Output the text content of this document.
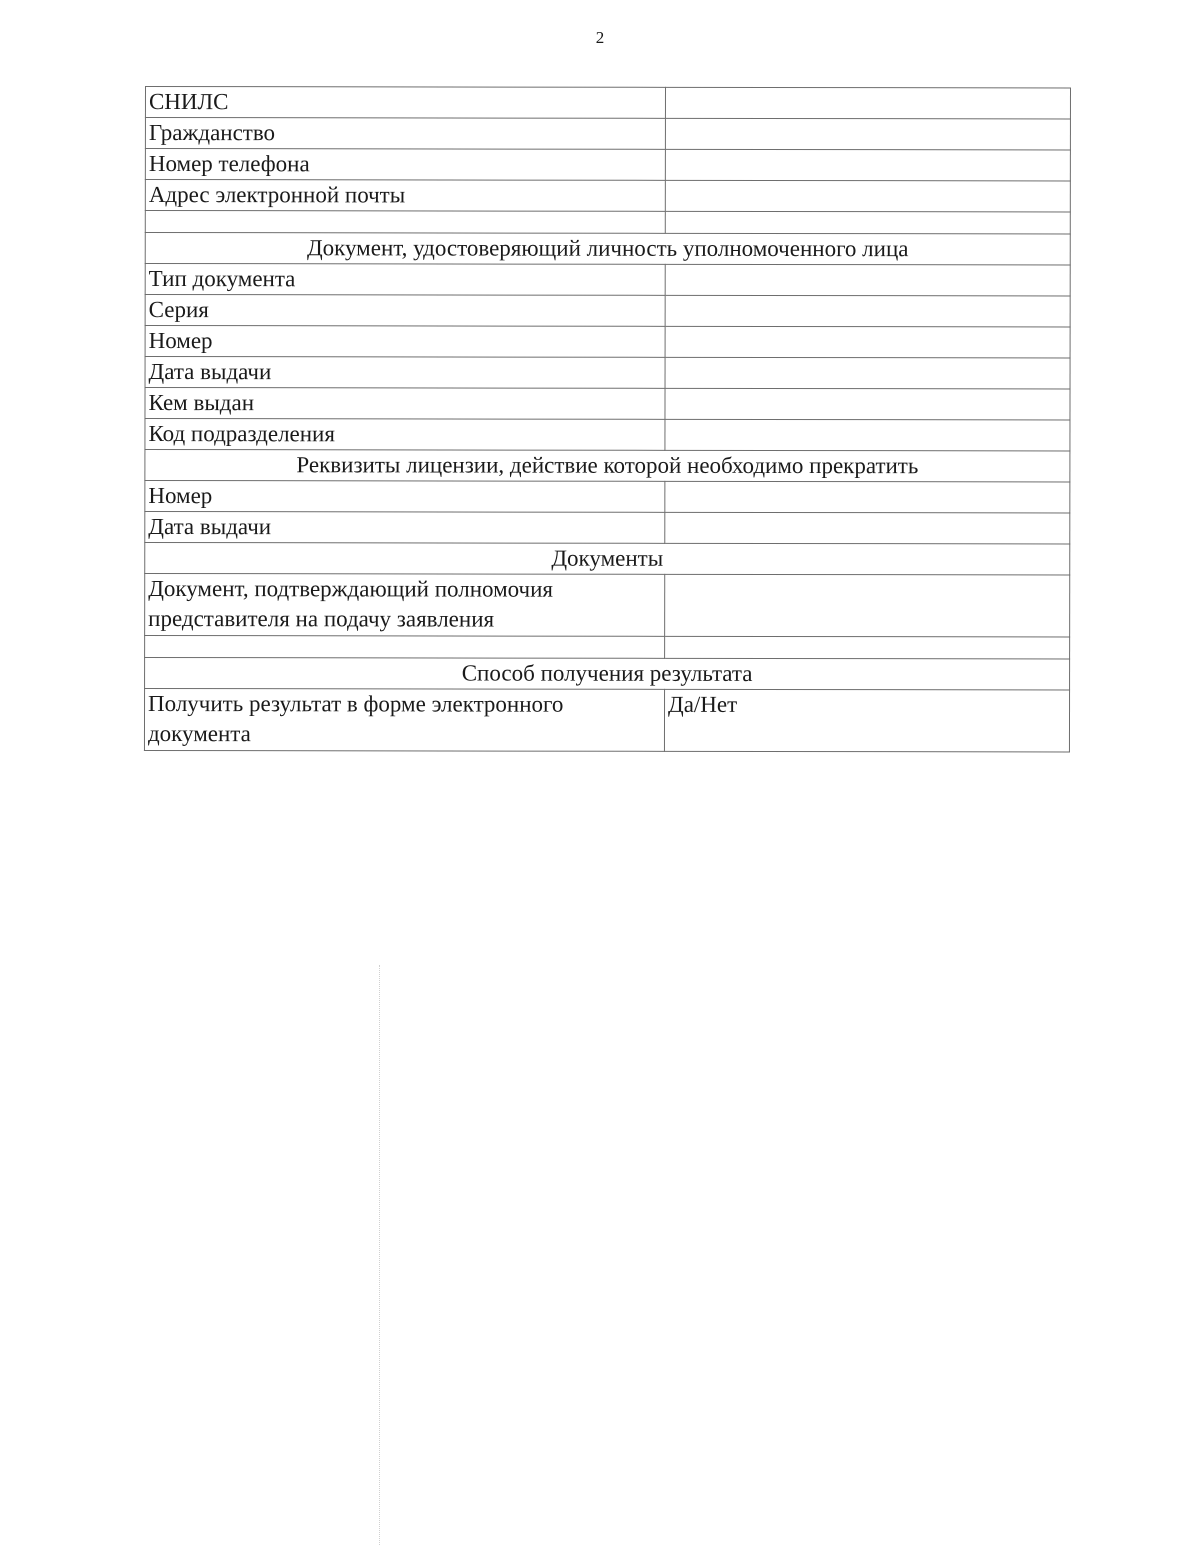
2
СНИЛС	
Гражданство	
Номер телефона	
Адрес электронной почты	

Документ, удостоверяющий личность уполномоченного лица	
Тип документа	
Серия	
Номер	
Дата выдачи	
Кем выдан	
Код подразделения	
Реквизиты лицензии, действие которой необходимо прекратить	
Номер	
Дата выдачи	
Документы	
Документ, подтверждающий полномочия представителя на подачу заявления	

Способ получения результата	
Получить результат в форме электронного документа	Да/Нет
